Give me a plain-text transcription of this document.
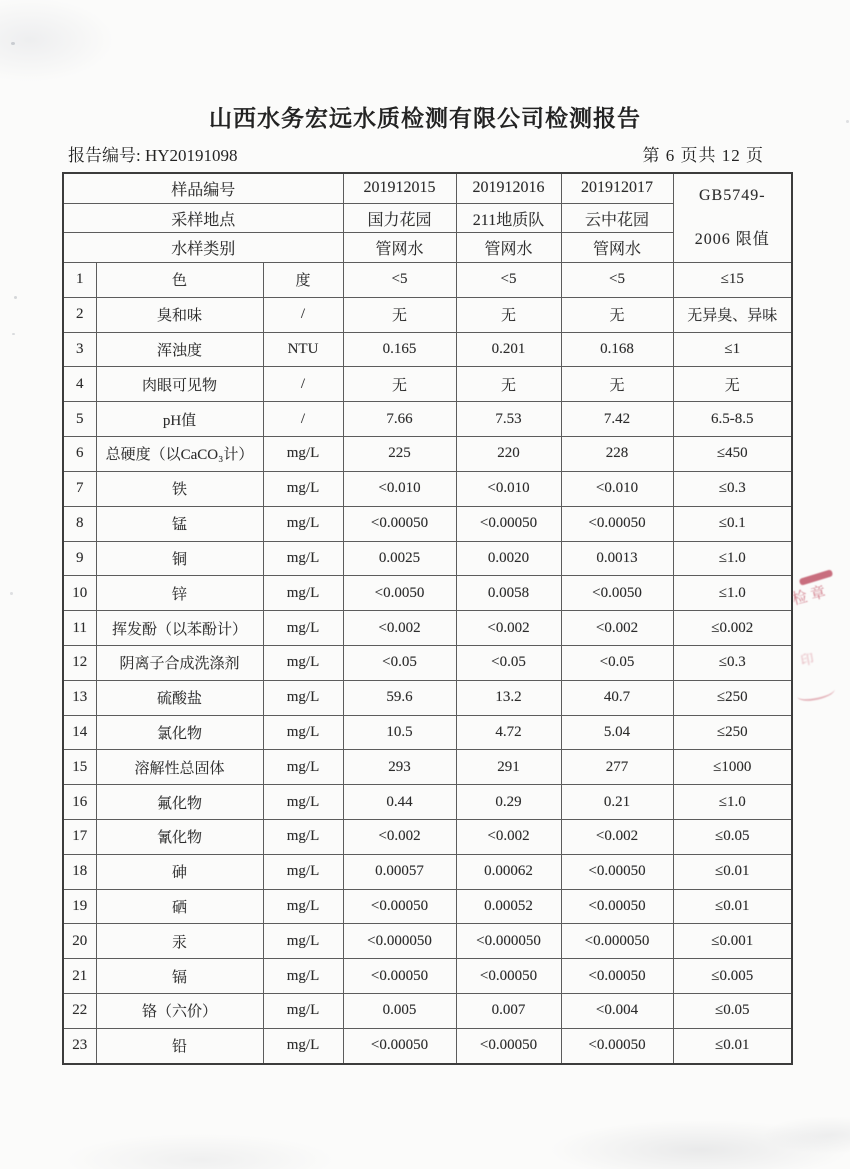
山西水务宏远水质检测有限公司检测报告
报告编号: HY20191098	第 6 页共 12 页
样品编号			201912015	201912016	201912017	GB5749-
2006 限值

采样地点			国力花园	211地质队	云中花园	
水样类别			管网水	管网水	管网水	
1	色	度	<5	<5	<5	≤15
2	臭和味	/	无	无	无	无异臭、异味
3	浑浊度	NTU	0.165	0.201	0.168	≤1
4	肉眼可见物	/	无	无	无	无
5	pH值	/	7.66	7.53	7.42	6.5-8.5
6	总硬度（以CaCO₃计）	mg/L	225	220	228	≤450
7	铁	mg/L	<0.010	<0.010	<0.010	≤0.3
8	锰	mg/L	<0.00050	<0.00050	<0.00050	≤0.1
9	铜	mg/L	0.0025	0.0020	0.0013	≤1.0
10	锌	mg/L	<0.0050	0.0058	<0.0050	≤1.0
11	挥发酚（以苯酚计）	mg/L	<0.002	<0.002	<0.002	≤0.002
12	阴离子合成洗涤剂	mg/L	<0.05	<0.05	<0.05	≤0.3
13	硫酸盐	mg/L	59.6	13.2	40.7	≤250
14	氯化物	mg/L	10.5	4.72	5.04	≤250
15	溶解性总固体	mg/L	293	291	277	≤1000
16	氟化物	mg/L	0.44	0.29	0.21	≤1.0
17	氰化物	mg/L	<0.002	<0.002	<0.002	≤0.05
18	砷	mg/L	0.00057	0.00062	<0.00050	≤0.01
19	硒	mg/L	<0.00050	0.00052	<0.00050	≤0.01
20	汞	mg/L	<0.000050	<0.000050	<0.000050	≤0.001
21	镉	mg/L	<0.00050	<0.00050	<0.00050	≤0.005
22	铬（六价）	mg/L	0.005	0.007	<0.004	≤0.05
23	铅	mg/L	<0.00050	<0.00050	<0.00050	≤0.01
检 章
印
